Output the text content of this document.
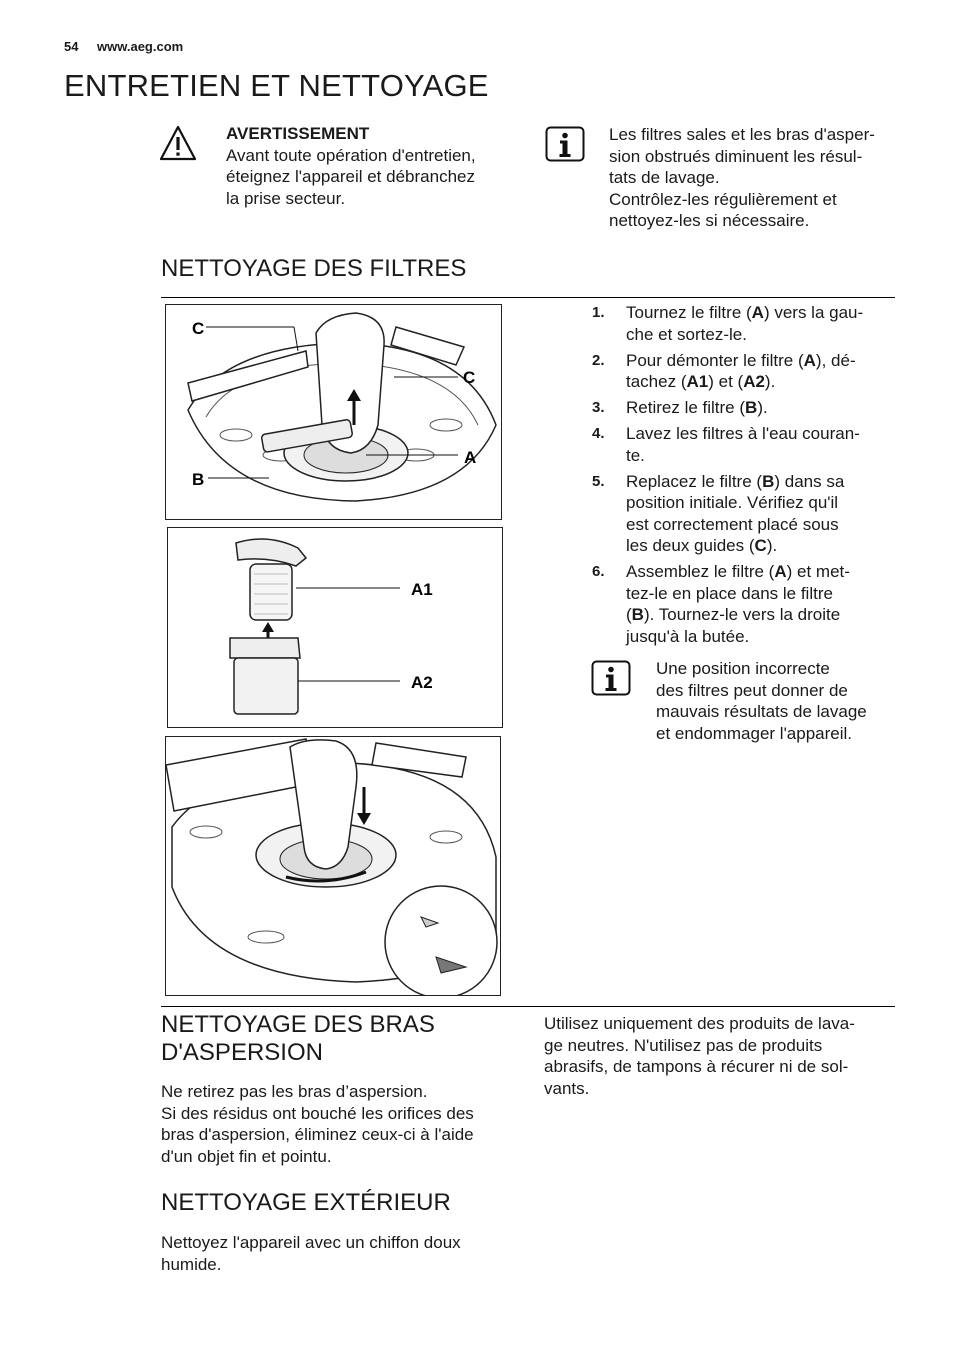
54 www.aeg.com
ENTRETIEN ET NETTOYAGE
AVERTISSEMENT
Avant toute opération d'entretien,
éteignez l'appareil et débranchez
la prise secteur.
Les filtres sales et les bras d'asper-
sion obstrués diminuent les résul-
tats de lavage.
Contrôlez-les régulièrement et
nettoyez-les si nécessaire.
NETTOYAGE DES FILTRES
C
C
A
B
A1
A2
1. Tournez le filtre (A) vers la gau-
che et sortez-le.
2. Pour démonter le filtre (A), dé-
tachez (A1) et (A2).
3. Retirez le filtre (B).
4. Lavez les filtres à l'eau couran-
te.
5. Replacez le filtre (B) dans sa
position initiale. Vérifiez qu'il
est correctement placé sous
les deux guides (C).
6. Assemblez le filtre (A) et met-
tez-le en place dans le filtre
(B). Tournez-le vers la droite
jusqu'à la butée.
Une position incorrecte
des filtres peut donner de
mauvais résultats de lavage
et endommager l'appareil.
NETTOYAGE DES BRAS
D'ASPERSION
Ne retirez pas les bras d’aspersion.
Si des résidus ont bouché les orifices des
bras d'aspersion, éliminez ceux-ci à l'aide
d'un objet fin et pointu.
Utilisez uniquement des produits de lava-
ge neutres. N'utilisez pas de produits
abrasifs, de tampons à récurer ni de sol-
vants.
NETTOYAGE EXTÉRIEUR
Nettoyez l'appareil avec un chiffon doux
humide.
